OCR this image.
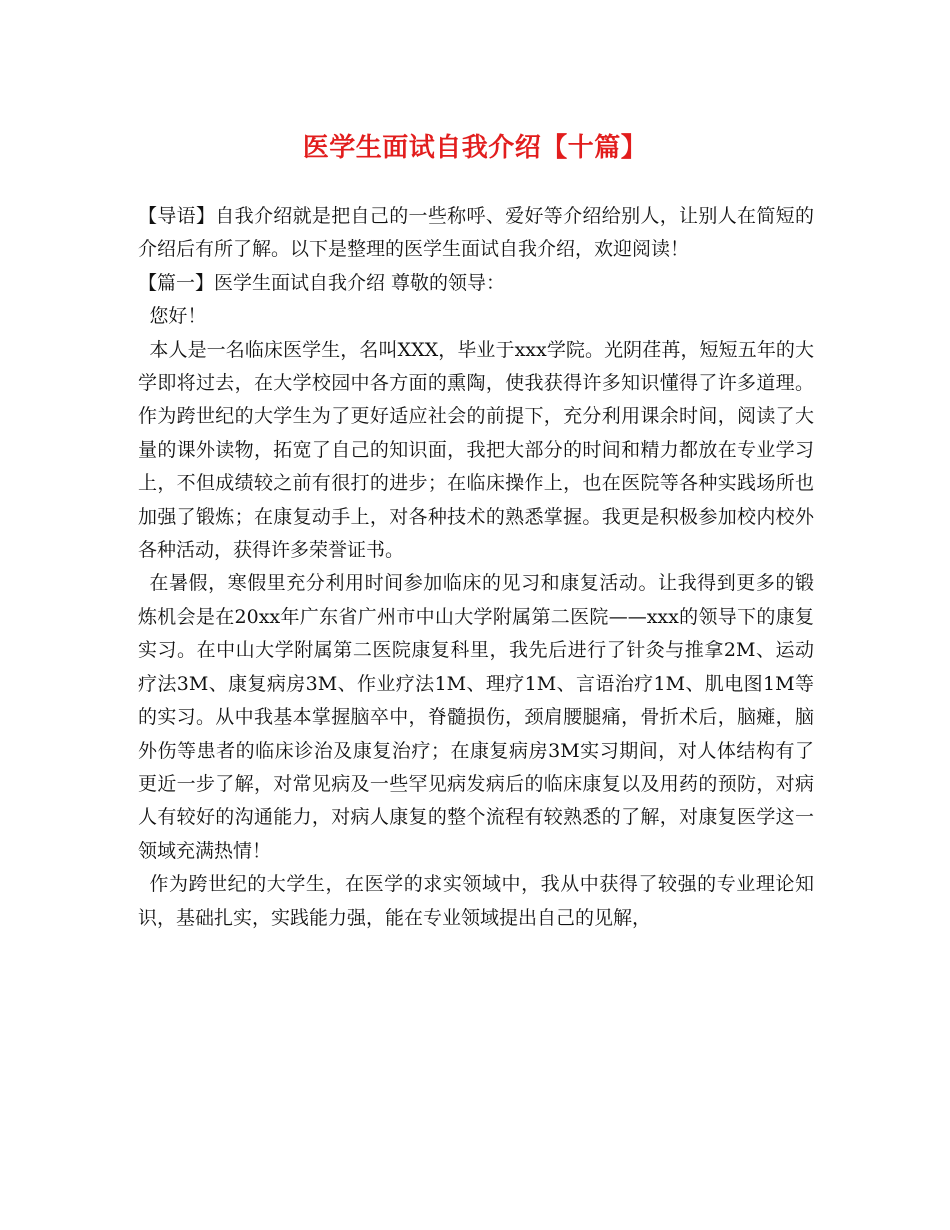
医学生面试自我介绍【十篇】

【导语】自我介绍就是把自己的一些称呼、爱好等介绍给别人，让别人在简短的介绍后有所了解。以下是整理的医学生面试自我介绍，欢迎阅读！

【篇一】医学生面试自我介绍 尊敬的领导：

您好！

本人是一名临床医学生，名叫XXX，毕业于xxx学院。光阴荏苒，短短五年的大学即将过去，在大学校园中各方面的熏陶，使我获得许多知识懂得了许多道理。作为跨世纪的大学生为了更好适应社会的前提下，充分利用课余时间，阅读了大量的课外读物，拓宽了自己的知识面，我把大部分的时间和精力都放在专业学习上，不但成绩较之前有很打的进步；在临床操作上，也在医院等各种实践场所也加强了锻炼；在康复动手上，对各种技术的熟悉掌握。我更是积极参加校内校外各种活动，获得许多荣誉证书。

在暑假，寒假里充分利用时间参加临床的见习和康复活动。让我得到更多的锻炼机会是在20xx年广东省广州市中山大学附属第二医院——xxx的领导下的康复实习。在中山大学附属第二医院康复科里，我先后进行了针灸与推拿2M、运动疗法3M、康复病房3M、作业疗法1M、理疗1M、言语治疗1M、肌电图1M等的实习。从中我基本掌握脑卒中，脊髓损伤，颈肩腰腿痛，骨折术后，脑瘫，脑外伤等患者的临床诊治及康复治疗；在康复病房3M实习期间，对人体结构有了更近一步了解，对常见病及一些罕见病发病后的临床康复以及用药的预防，对病人有较好的沟通能力，对病人康复的整个流程有较熟悉的了解，对康复医学这一领域充满热情！

作为跨世纪的大学生，在医学的求实领域中，我从中获得了较强的专业理论知识，基础扎实，实践能力强，能在专业领域提出自己的见解，
